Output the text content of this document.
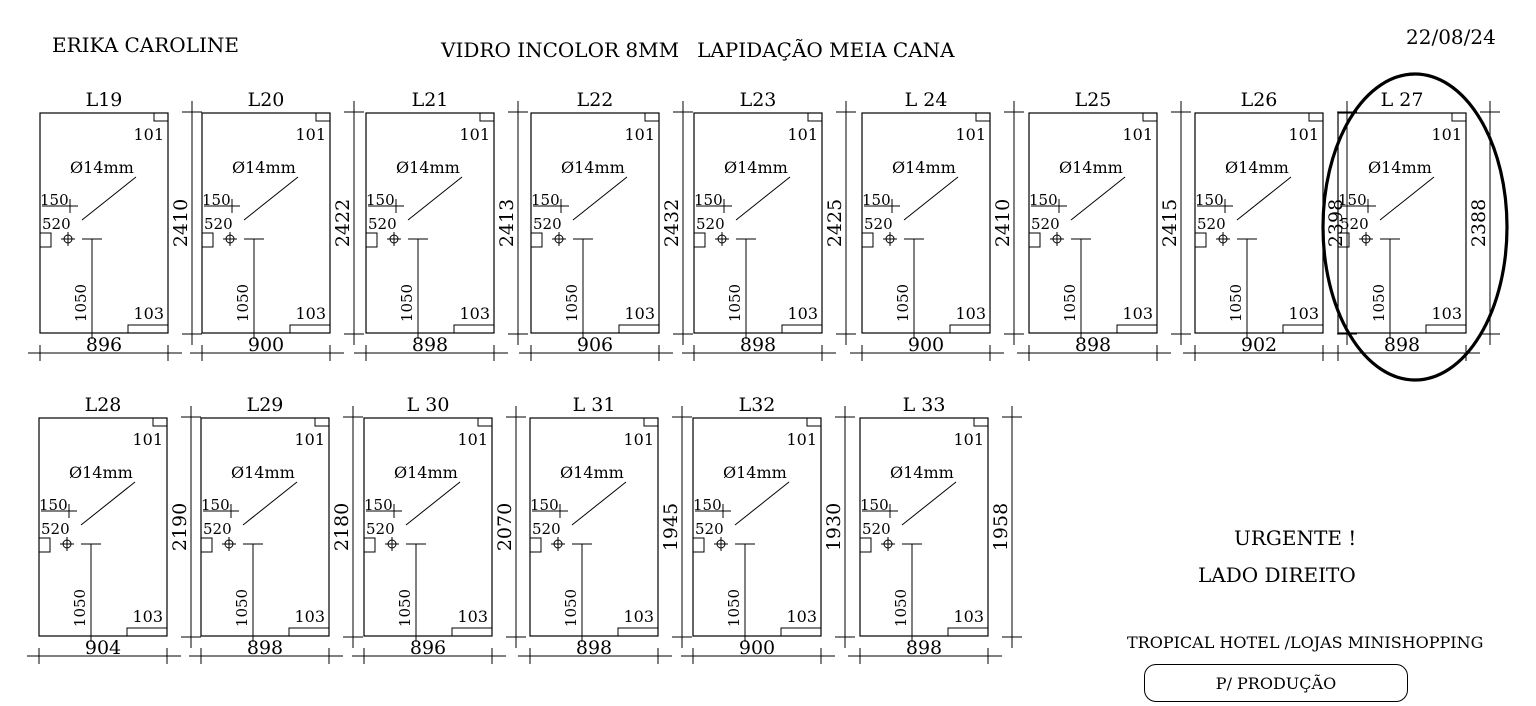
L19
101
103
Ø14mm
150
520
1050
896
2410
L20
101
103
Ø14mm
150
520
1050
900
2422
L21
101
103
Ø14mm
150
520
1050
898
2413
L22
101
103
Ø14mm
150
520
1050
906
2432
L23
101
103
Ø14mm
150
520
1050
898
2425
L 24
101
103
Ø14mm
150
520
1050
900
2410
L25
101
103
Ø14mm
150
520
1050
898
2415
L26
101
103
Ø14mm
150
520
1050
902
2398
L 27
101
103
Ø14mm
150
520
1050
898
2388
L28
101
103
Ø14mm
150
520
1050
904
2190
L29
101
103
Ø14mm
150
520
1050
898
2180
L 30
101
103
Ø14mm
150
520
1050
896
2070
L 31
101
103
Ø14mm
150
520
1050
898
1945
L32
101
103
Ø14mm
150
520
1050
900
1930
L 33
101
103
Ø14mm
150
520
1050
898
1958
ERIKA CAROLINE	VIDRO INCOLOR 8MM LAPIDAÇÃO MEIA CANA
22/08/24
URGENTE !
LADO DIREITO
TROPICAL HOTEL /LOJAS MINISHOPPING
P/ PRODUÇÃO
